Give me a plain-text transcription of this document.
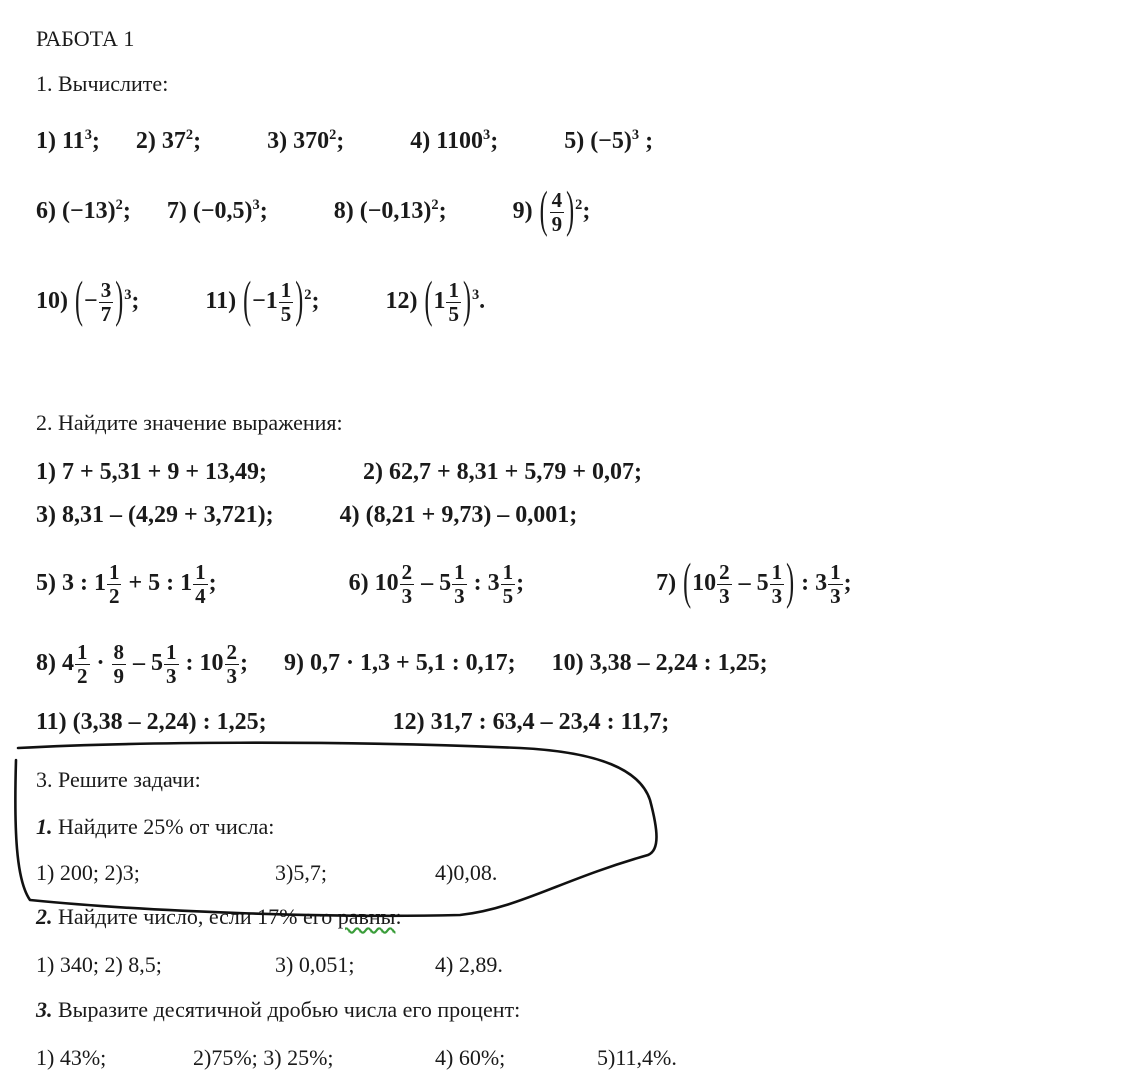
РАБОТА 1
1. Вычислите:
1) $11^3$; 2) $37^2$;	3) $370^2$;	4) 1100$^3$;	5) $(-5)^3$ ;
6) $(-13)^2$; 7) $(-0,5)^3$;	8) $(-0,13)^2$;	9) ( $\frac{4}{9} )^2$;
10) (− $\frac{3}{7} )^3$;	11) $(-1 \frac{1}{5} )^2$;	12) $(1 \frac{1}{5} )^3$.
2. Найдите значение выражения:
1) 7 + 5,31 + 9 + 13,49;	2) 62,7 + 8,31 + 5,79 + 0,07;
3) 8,31 – (4,29 + 3,721);	4) (8,21 + 9,73) – 0,001;
5) 3 : $1 \frac{1}{2} + 5$ : $1 \frac{1}{4}$ ;	6) $10 \frac{2}{3} - 5 \frac{1}{3}$ : $3 \frac{1}{5}$ ;	7) ($10 \frac{2}{3} - 5 \frac{1}{3}$ ) : $3 \frac{1}{3}$ ;
8) $4 \frac{1}{2} \cdot \frac{8}{9} - 5 \frac{1}{3}$ : $10 \frac{2}{3}$ ; 9) 0,7 · 1,3 + 5,1 : 0,17; 10) 3,38 – 2,24 : 1,25;
11) (3,38 – 2,24) : 1,25;	12) 31,7 : 63,4 – 23,4 : 11,7;
3. Решите задачи:
1. Найдите 25% от числа:
1) 200; 2)3;	3)5,7;	4)0,08.
2. Найдите число, если 17% его равны:
1) 340; 2) 8,5;	3) 0,051;	4) 2,89.
3. Выразите десятичной дробью числа его процент:
1) 43%;	2)75%; 3) 25%;	4) 60%;	5)11,4%.
